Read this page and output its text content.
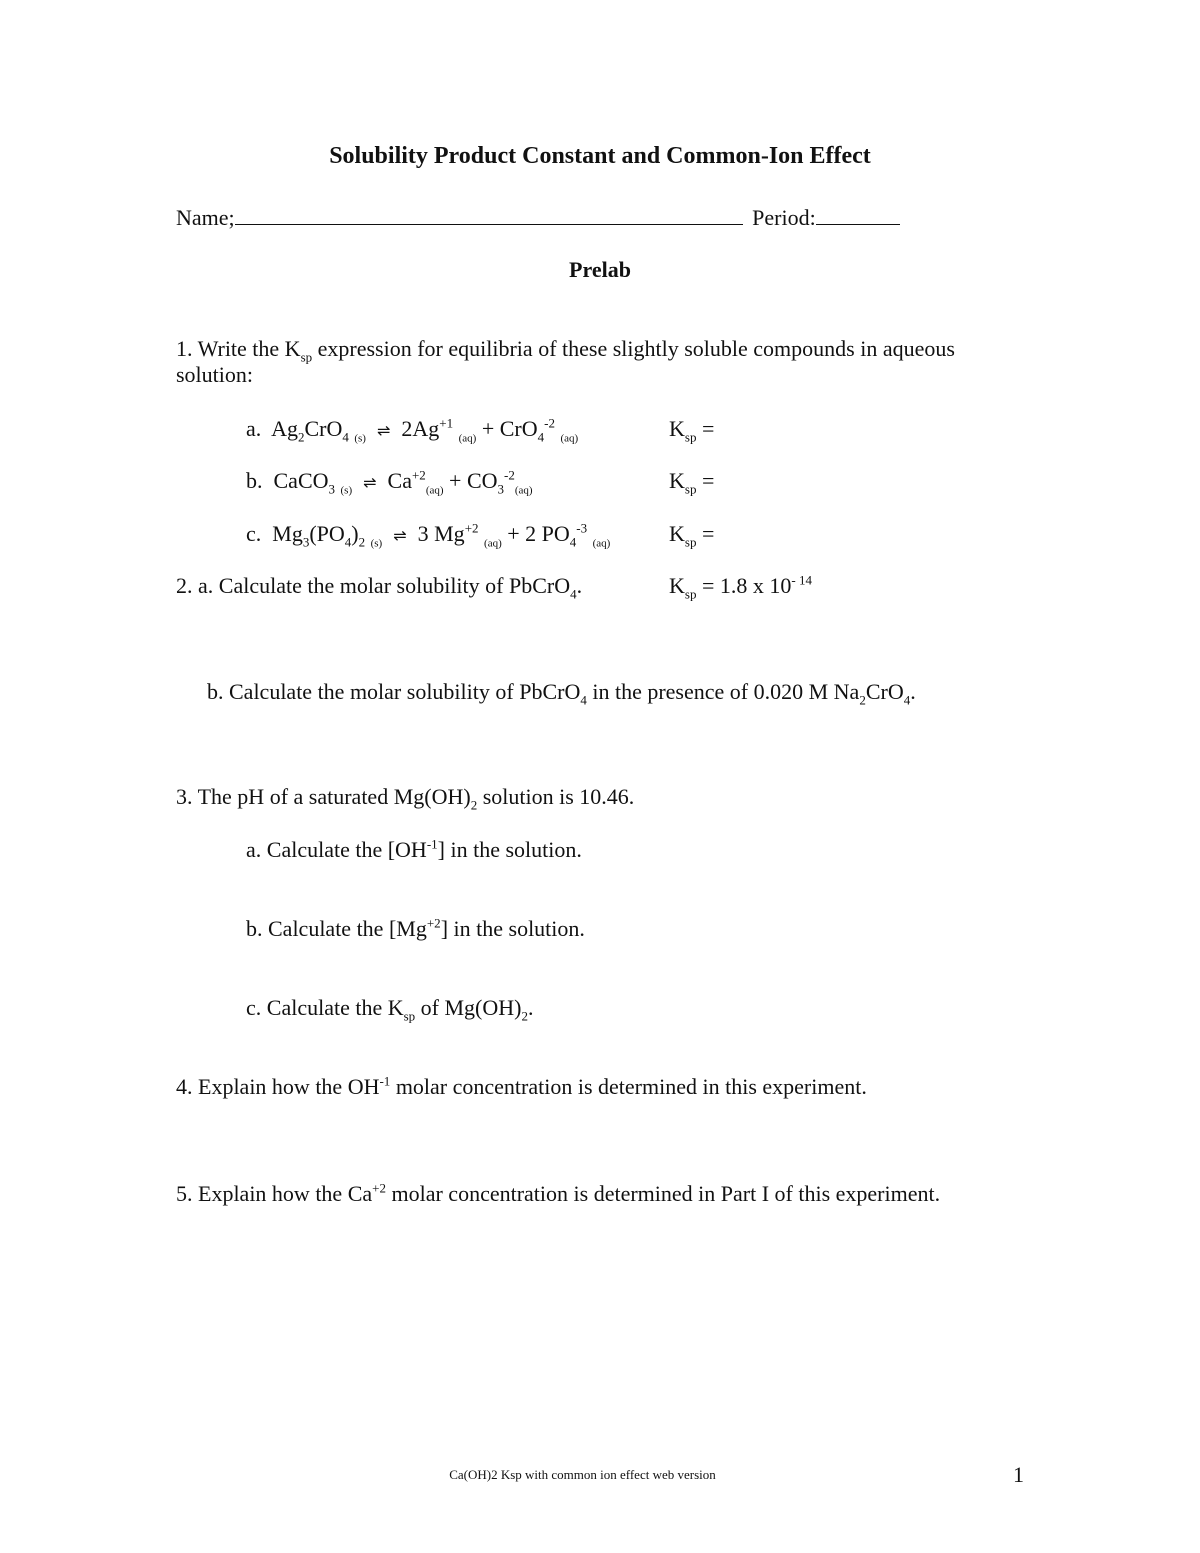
Solubility Product Constant and Common-Ion Effect
Name;	Period:
Prelab
1. Write the $K_{sp}$ expression for equilibria of these slightly soluble compounds in aqueous
solution:
a. $Ag_2CrO_4$ $_{(s)}$ ⇌ $2Ag^{+1}$ $_{(aq)}$ + CrO$_4^{-2}$ $_{(aq)}$	$K_{sp}$ =
b. CaCO$_3$ $_{(s)}$ ⇌ $Ca^{+2}_{(aq)} + CO_3^{-2}_{(aq)}$	$K_{sp}$ =
c. $Mg_3(PO_4)_2$ $_{(s)}$ ⇌ 3 $Mg^{+2}$ $_{(aq)}$ + 2 $PO_4^{-3}$ $_{(aq)}$	$K_{sp}$ =
2. a. Calculate the molar solubility of PbCrO$_4$.	$K_{sp} = 1.8$ x $10^{- 14}$
b. Calculate the molar solubility of PbCrO$_4$ in the presence of 0.020 M $Na_2CrO_4$.
3. The pH of a saturated $Mg(OH)_2$ solution is 10.46.
a. Calculate the $[OH^{-1}]$ in the solution.
b. Calculate the $[Mg^{+2}]$ in the solution.
c. Calculate the $K_{sp}$ of $Mg(OH)_2$.
4. Explain how the $OH^{-1}$ molar concentration is determined in this experiment.
5. Explain how the $Ca^{+2}$ molar concentration is determined in Part I of this experiment.
Ca(OH)2 Ksp with common ion effect web version	1
